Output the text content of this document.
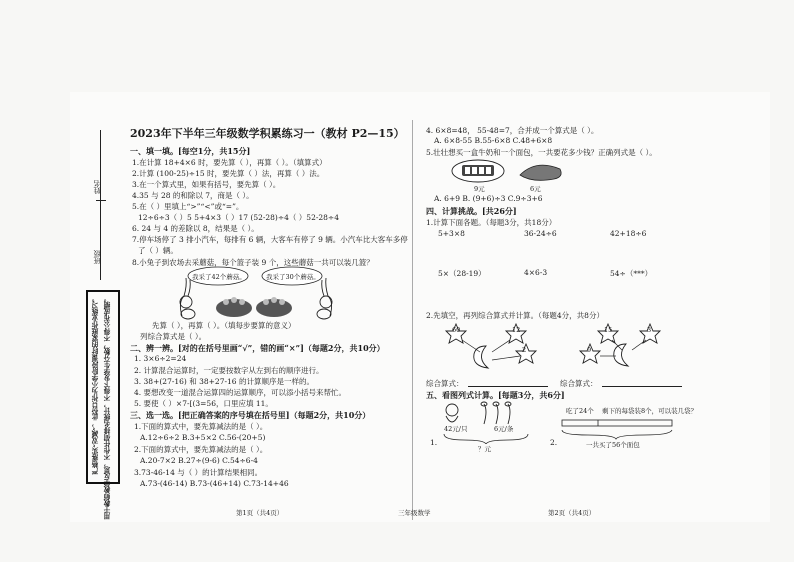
姓名
班级
严格落实“双减”，此份只作为小学阶段课时的家庭作业练习。 用于教师教学反思，不作任何排名统计，不得下发学生分数，不得公布成绩。
2023年下半年三年级数学积累练习一（教材 P2—15）
一、填一填。[每空1分，共15分]
1.在计算 18+4×6 时，要先算（ ），再算（ ）。（填算式）
2.计算 (100-25)÷15 时，要先算（ ）法，再算（ ）法。
3.在一个算式里，如果有括号，要先算（ ）。
4.35 与 28 的和除以 7，商是（ ）。
5.在（ ）里填上“>”“<”或“=”。
12÷6÷3（ ）5 5+4×3（ ）17 (52-28)÷4（ ）52-28÷4
6. 24 与 4 的差除以 8，结果是（ ）。
7.停车场停了 3 排小汽车，每排有 6 辆，大客车有停了 9 辆。小汽车比大客车多停
了（ ）辆。
8.小兔子到农场去采蘑菇，每个篮子装 9 个，这些蘑菇一共可以装几篮？
我采了42个蘑菇。	我采了30个蘑菇。
先算（ ），再算（ ）。（填每步要算的意义）
列综合算式是（ ）。
二、辨一辨。[对的在括号里画“√”，错的画“×”]（每题2分，共10分）
1. 3×6÷2=24
2. 计算混合运算时，一定要按数字从左到右的顺序进行。
3. 38+(27-16) 和 38+27-16 的计算顺序是一样的。
4. 要想改变一道混合运算四的运算顺序，可以添小括号来帮忙。
5. 要使（ ）×7-[(3=56，口里应填 11。
三、选一选。[把正确答案的序号填在括号里]（每题2分，共10分）
1.下面的算式中，要先算减法的是（ ）。
A.12÷6÷2 B.3+5×2 C.56-(20+5)
2.下面的算式中，要先算减法的是（ ）。
A.20-7×2 B.27÷(9-6) C.54÷6-4
3.73-46-14 与（ ）的计算结果相同。
A.73-(46-14) B.73-(46+14) C.73-14+46
第1页（共4页）	三年级数学
4. 6×8=48， 55-48=7，合并成一个算式是（ ）。
A. 6×8-55 B.55-6×8 C.48+6×8
5.壮壮想买一盒牛奶和一个面包，一共要花多少钱？正确列式是（ ）。
9元	6元
A. 6+9 B. (9+6)÷3 C.9÷3+6
四、计算挑战。[共26分]
1.计算下面各题。（每题3分，共18分）
5+3×8	36-24÷6	42+18÷6
5×（28-19）	4×6-3	54÷（***）
2.先填空，再列综合算式并计算。（每题4分，共8分）
60	12
2
15	3
9
综合算式：	综合算式：
五、看图列式计算。[每题3分，共6分]
42元/只	6元/条
1.
？元
吃了24个 剩下的每袋装8个，可以装几袋？
2.	一共买了56个面包
第2页（共4页）
